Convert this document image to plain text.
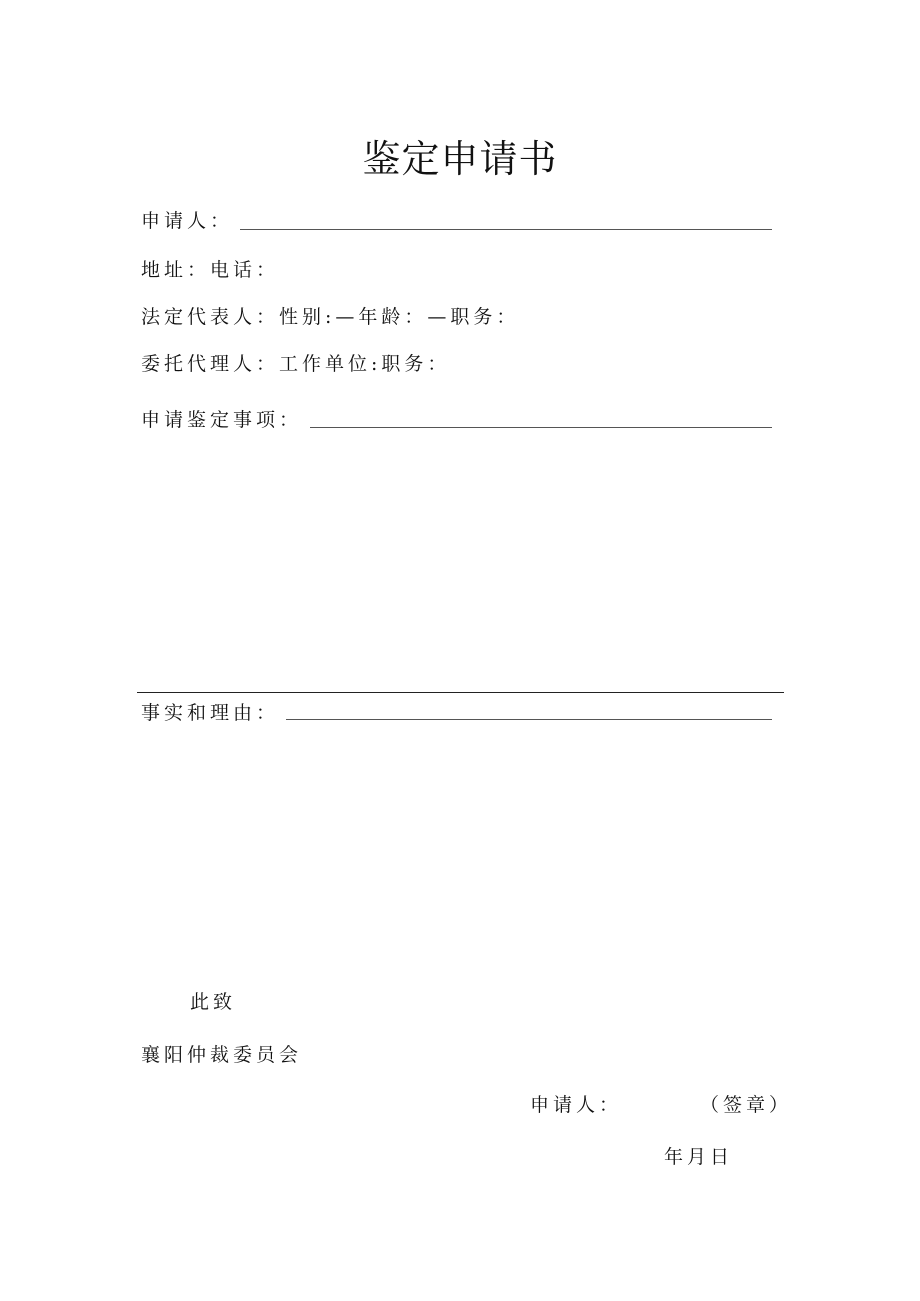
鉴定申请书
申请人：
地址：电话：
法定代表人：性别:—年龄：—职务：
委托代理人：工作单位:职务：
申请鉴定事项：
事实和理由：
此致
襄阳仲裁委员会
申请人：	（签章）
年月日
